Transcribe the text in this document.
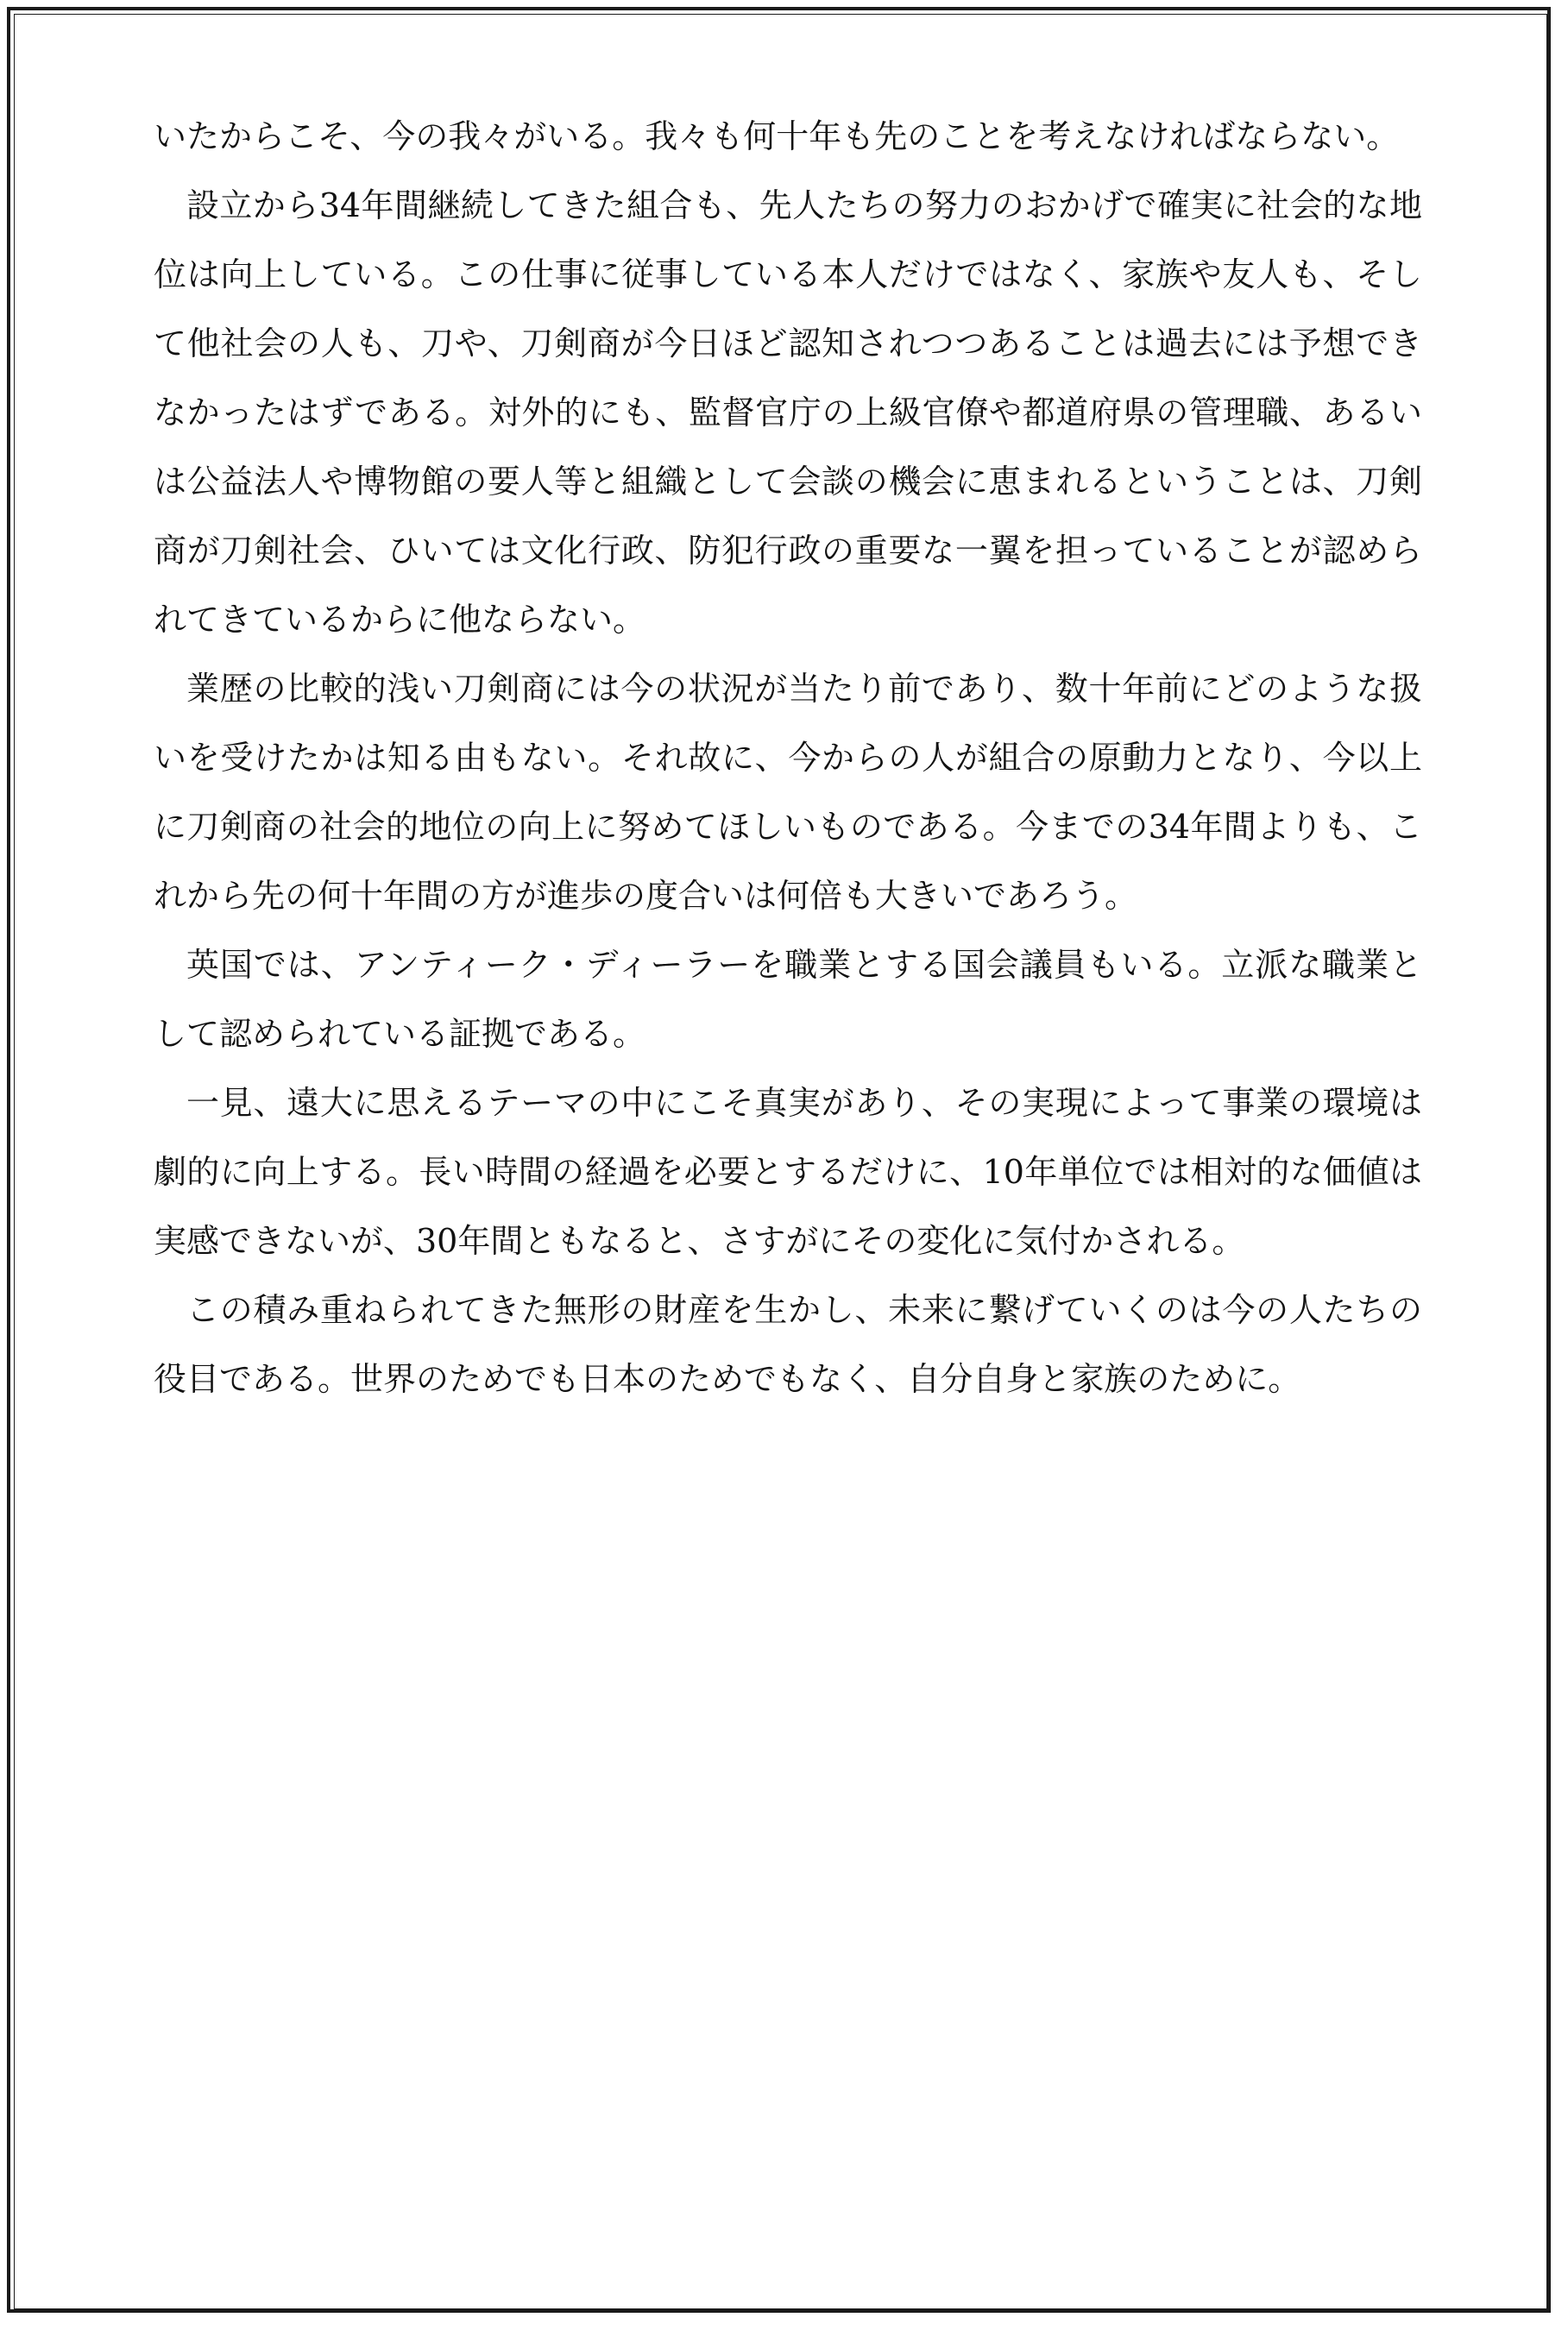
いたからこそ、今の我々がいる。我々も何十年も先のことを考えなければならない。

設立から34年間継続してきた組合も、先人たちの努力のおかげで確実に社会的な地位は向上している。この仕事に従事している本人だけではなく、家族や友人も、そして他社会の人も、刀や、刀剣商が今日ほど認知されつつあることは過去には予想できなかったはずである。対外的にも、監督官庁の上級官僚や都道府県の管理職、あるいは公益法人や博物館の要人等と組織として会談の機会に恵まれるということは、刀剣商が刀剣社会、ひいては文化行政、防犯行政の重要な一翼を担っていることが認められてきているからに他ならない。

業歴の比較的浅い刀剣商には今の状況が当たり前であり、数十年前にどのような扱いを受けたかは知る由もない。それ故に、今からの人が組合の原動力となり、今以上に刀剣商の社会的地位の向上に努めてほしいものである。今までの34年間よりも、これから先の何十年間の方が進歩の度合いは何倍も大きいであろう。

英国では、アンティーク・ディーラーを職業とする国会議員もいる。立派な職業として認められている証拠である。

一見、遠大に思えるテーマの中にこそ真実があり、その実現によって事業の環境は劇的に向上する。長い時間の経過を必要とするだけに、10年単位では相対的な価値は実感できないが、30年間ともなると、さすがにその変化に気付かされる。

この積み重ねられてきた無形の財産を生かし、未来に繋げていくのは今の人たちの役目である。世界のためでも日本のためでもなく、自分自身と家族のために。
